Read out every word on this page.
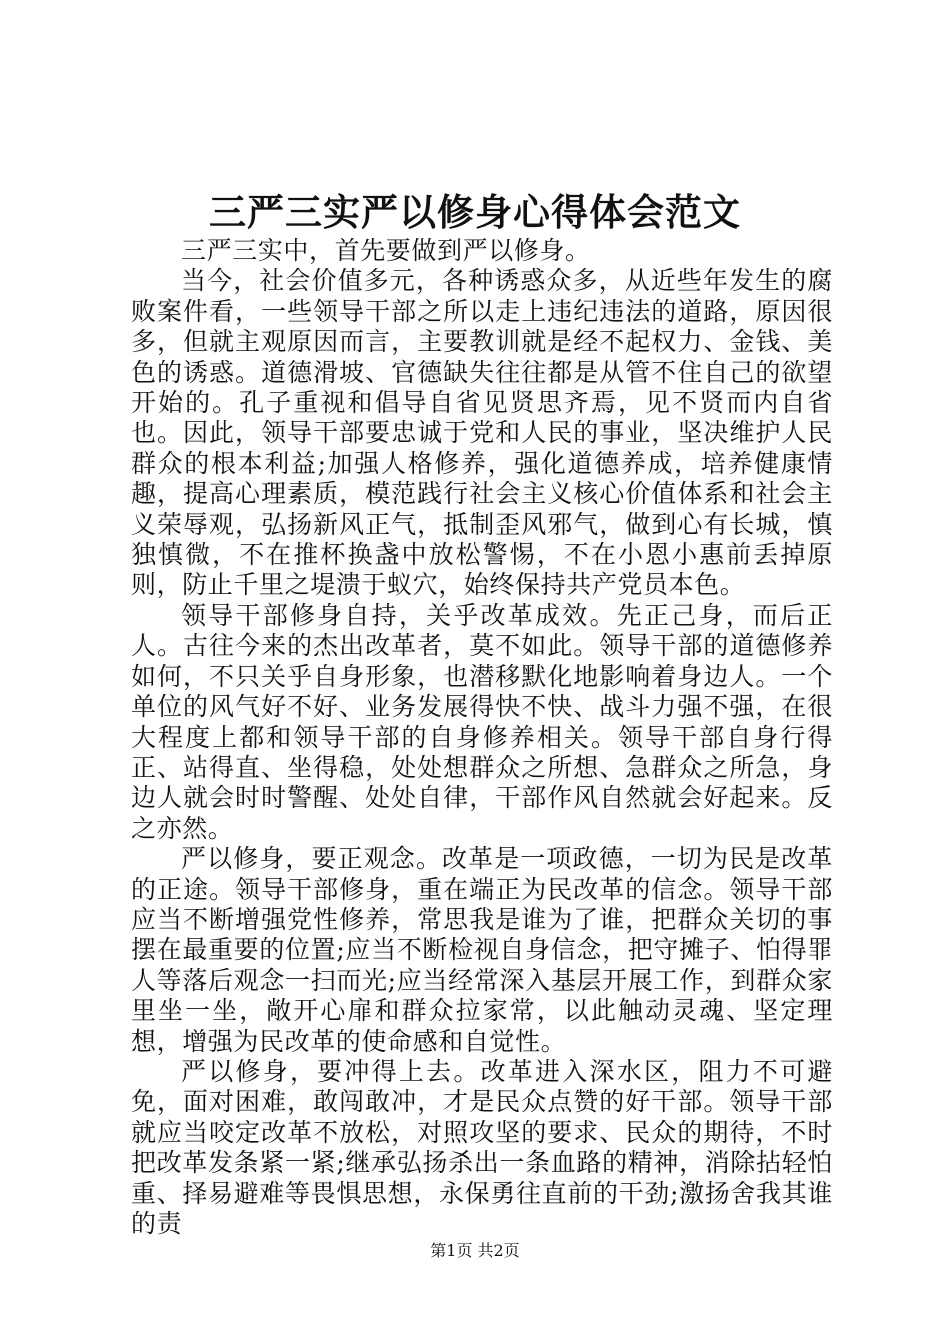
三严三实严以修身心得体会范文

三严三实中，首先要做到严以修身。

当今，社会价值多元，各种诱惑众多，从近些年发生的腐败案件看，一些领导干部之所以走上违纪违法的道路，原因很多，但就主观原因而言，主要教训就是经不起权力、金钱、美色的诱惑。道德滑坡、官德缺失往往都是从管不住自己的欲望开始的。孔子重视和倡导自省见贤思齐焉，见不贤而内自省也。因此，领导干部要忠诚于党和人民的事业，坚决维护人民群众的根本利益;加强人格修养，强化道德养成，培养健康情趣，提高心理素质，模范践行社会主义核心价值体系和社会主义荣辱观，弘扬新风正气，抵制歪风邪气，做到心有长城，慎独慎微，不在推杯换盏中放松警惕，不在小恩小惠前丢掉原则，防止千里之堤溃于蚁穴，始终保持共产党员本色。

领导干部修身自持，关乎改革成效。先正己身，而后正人。古往今来的杰出改革者，莫不如此。领导干部的道德修养如何，不只关乎自身形象，也潜移默化地影响着身边人。一个单位的风气好不好、业务发展得快不快、战斗力强不强，在很大程度上都和领导干部的自身修养相关。领导干部自身行得正、站得直、坐得稳，处处想群众之所想、急群众之所急，身边人就会时时警醒、处处自律，干部作风自然就会好起来。反之亦然。

严以修身，要正观念。改革是一项政德，一切为民是改革的正途。领导干部修身，重在端正为民改革的信念。领导干部应当不断增强党性修养，常思我是谁为了谁，把群众关切的事摆在最重要的位置;应当不断检视自身信念，把守摊子、怕得罪人等落后观念一扫而光;应当经常深入基层开展工作，到群众家里坐一坐，敞开心扉和群众拉家常，以此触动灵魂、坚定理想，增强为民改革的使命感和自觉性。

严以修身，要冲得上去。改革进入深水区，阻力不可避免，面对困难，敢闯敢冲，才是民众点赞的好干部。领导干部就应当咬定改革不放松，对照攻坚的要求、民众的期待，不时把改革发条紧一紧;继承弘扬杀出一条血路的精神，消除拈轻怕重、择易避难等畏惧思想，永保勇往直前的干劲;激扬舍我其谁的责

第1页 共2页
